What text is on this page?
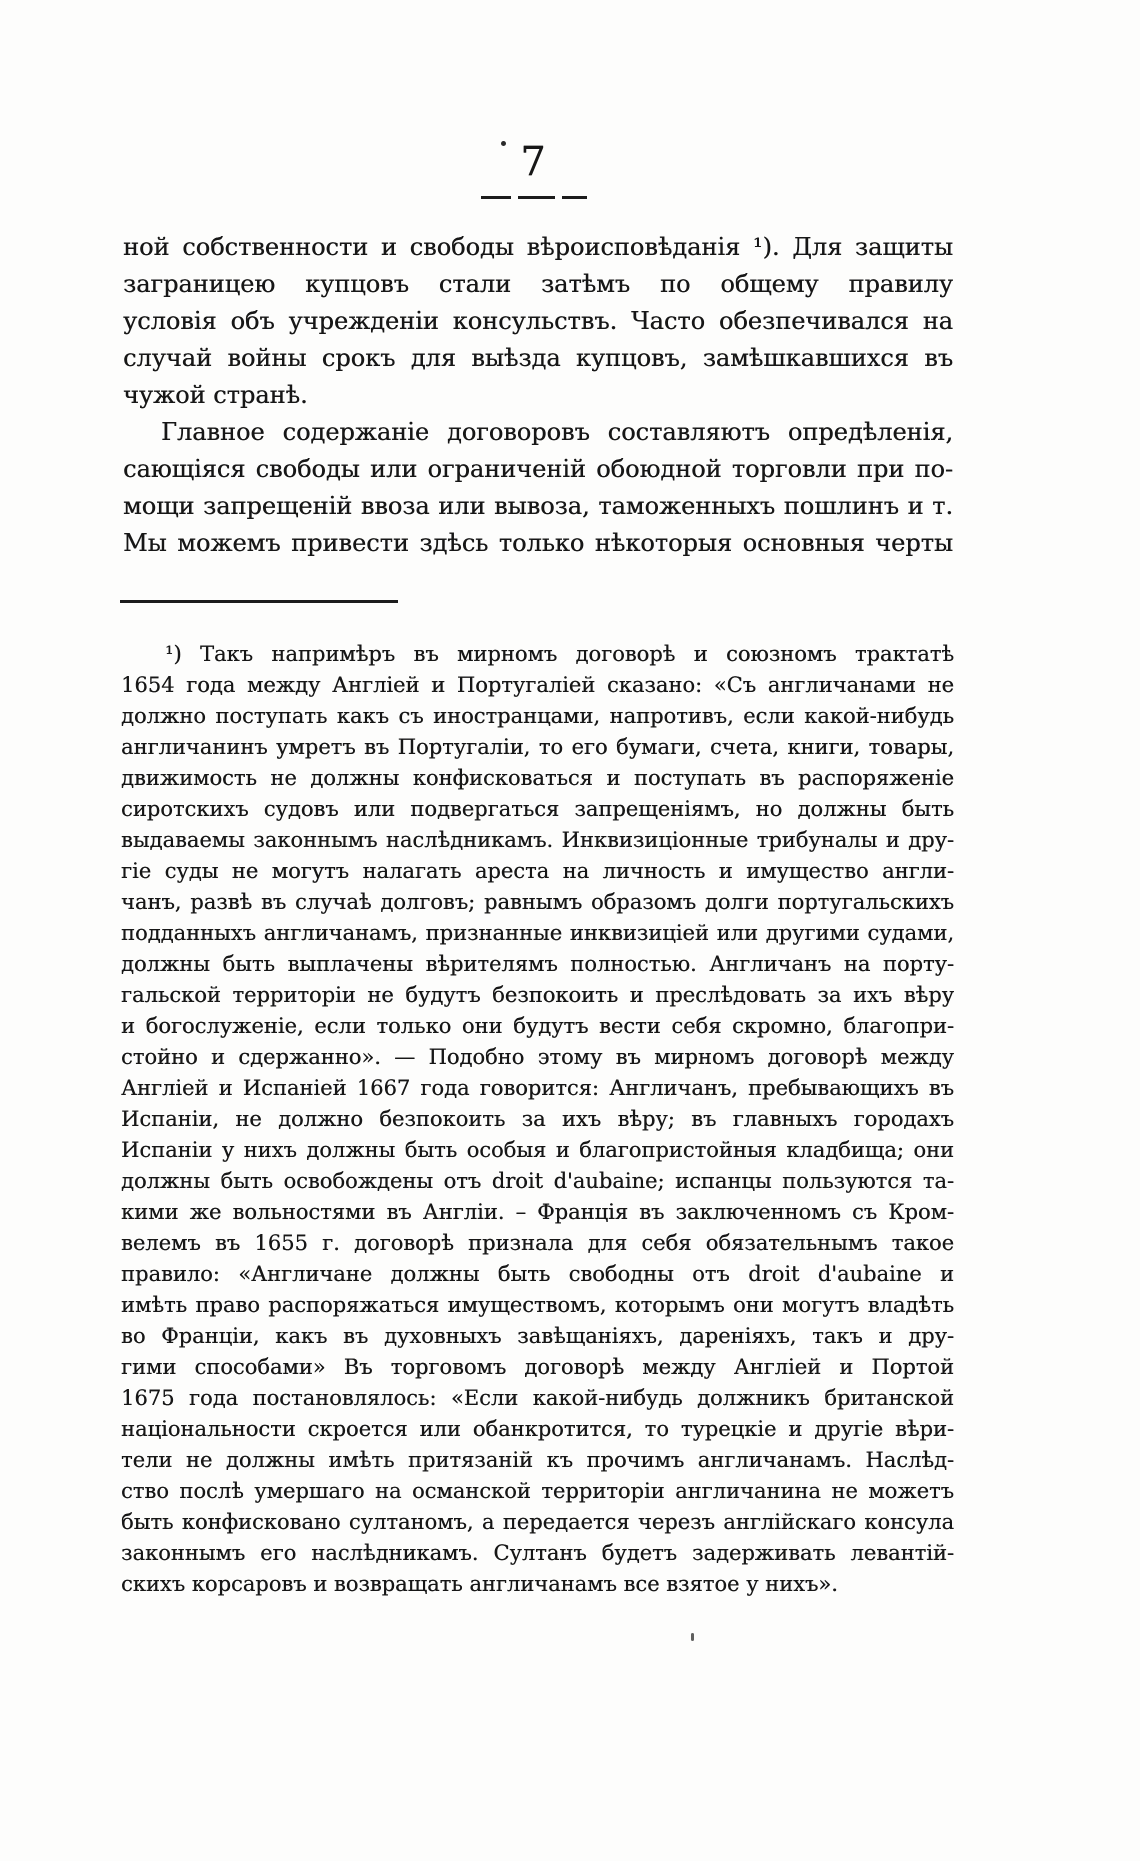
7
ной собственности и свободы вѣроисповѣданія ¹). Для защиты
заграницею купцовъ стали затѣмъ по общему правилу
условія объ учрежденіи консульствъ. Часто обезпечивался на
случай войны срокъ для выѣзда купцовъ, замѣшкавшихся въ
чужой странѣ.
Главное содержаніе договоровъ составляютъ опредѣленія,
сающіяся свободы или ограниченій обоюдной торговли при по-
мощи запрещеній ввоза или вывоза, таможенныхъ пошлинъ и т.
Мы можемъ привести здѣсь только нѣкоторыя основныя черты
¹) Такъ напримѣръ въ мирномъ договорѣ и союзномъ трактатѣ
1654 года между Англіей и Португаліей сказано: «Съ англичанами не
должно поступать какъ съ иностранцами, напротивъ, если какой-нибудь
англичанинъ умретъ въ Португаліи, то его бумаги, счета, книги, товары,
движимость не должны конфисковаться и поступать въ распоряженіе
сиротскихъ судовъ или подвергаться запрещеніямъ, но должны быть
выдаваемы законнымъ наслѣдникамъ. Инквизиціонные трибуналы и дру-
гіе суды не могутъ налагать ареста на личность и имущество англи-
чанъ, развѣ въ случаѣ долговъ; равнымъ образомъ долги португальскихъ
подданныхъ англичанамъ, признанные инквизиціей или другими судами,
должны быть выплачены вѣрителямъ полностью. Англичанъ на порту-
гальской территоріи не будутъ безпокоить и преслѣдовать за ихъ вѣру
и богослуженіе, если только они будутъ вести себя скромно, благопри-
стойно и сдержанно». — Подобно этому въ мирномъ договорѣ между
Англіей и Испаніей 1667 года говорится: Англичанъ, пребывающихъ въ
Испаніи, не должно безпокоить за ихъ вѣру; въ главныхъ городахъ
Испаніи у нихъ должны быть особыя и благопристойныя кладбища; они
должны быть освобождены отъ droit d'aubaine; испанцы пользуются та-
кими же вольностями въ Англіи. – Франція въ заключенномъ съ Кром-
велемъ въ 1655 г. договорѣ признала для себя обязательнымъ такое
правило: «Англичане должны быть свободны отъ droit d'aubaine и
имѣть право распоряжаться имуществомъ, которымъ они могутъ владѣть
во Франціи, какъ въ духовныхъ завѣщаніяхъ, дареніяхъ, такъ и дру-
гими способами» Въ торговомъ договорѣ между Англіей и Портой
1675 года постановлялось: «Если какой-нибудь должникъ британской
національности скроется или обанкротится, то турецкіе и другіе вѣри-
тели не должны имѣть притязаній къ прочимъ англичанамъ. Наслѣд-
ство послѣ умершаго на османской территоріи англичанина не можетъ
быть конфисковано султаномъ, а передается черезъ англійскаго консула
законнымъ его наслѣдникамъ. Султанъ будетъ задерживать левантій-
скихъ корсаровъ и возвращать англичанамъ все взятое у нихъ».
